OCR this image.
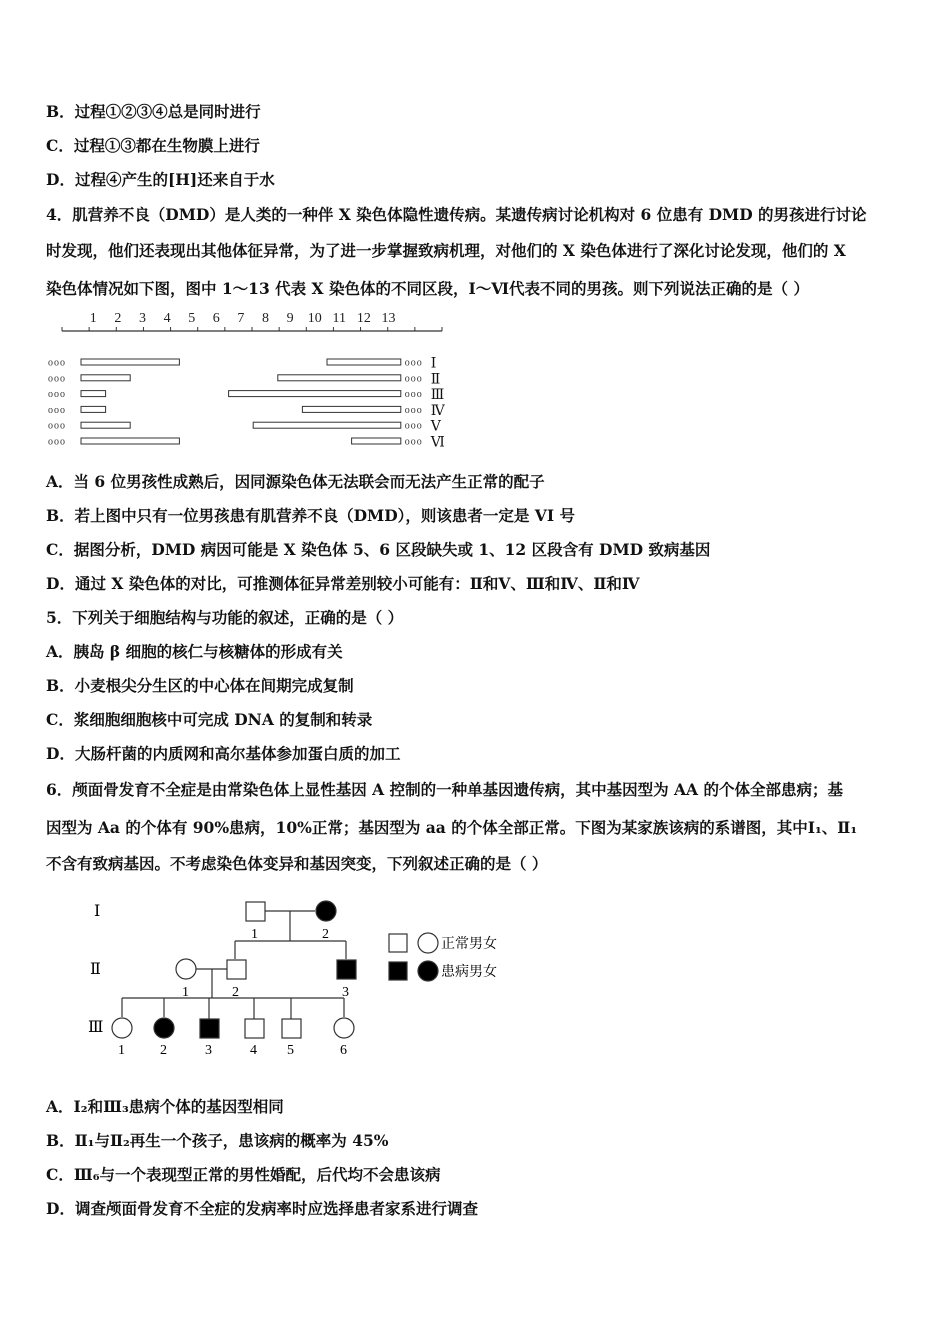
B．过程①②③④总是同时进行
C．过程①③都在生物膜上进行
D．过程④产生的[H]还来自于水
4．肌营养不良（DMD）是人类的一种伴 X 染色体隐性遗传病。某遗传病讨论机构对 6 位患有 DMD 的男孩进行讨论
时发现，他们还表现出其他体征异常，为了进一步掌握致病机理，对他们的 X 染色体进行了深化讨论发现，他们的 X
染色体情况如下图，图中 1～13 代表 X 染色体的不同区段，Ⅰ～Ⅵ代表不同的男孩。则下列说法正确的是（ ）
1 2 3 4 5 6 7 8 9 10 11 12 13
ooo	ooo Ⅰ
ooo	ooo Ⅱ
ooo	ooo Ⅲ
ooo	ooo Ⅳ
ooo	ooo Ⅴ
ooo	ooo Ⅵ
A．当 6 位男孩性成熟后，因同源染色体无法联会而无法产生正常的配子
B．若上图中只有一位男孩患有肌营养不良（DMD），则该患者一定是 VI 号
C．据图分析，DMD 病因可能是 X 染色体 5、6 区段缺失或 1、12 区段含有 DMD 致病基因
D．通过 X 染色体的对比，可推测体征异常差别较小可能有：Ⅱ和Ⅴ、Ⅲ和Ⅳ、Ⅱ和Ⅳ
5．下列关于细胞结构与功能的叙述，正确的是（ ）
A．胰岛 β 细胞的核仁与核糖体的形成有关
B．小麦根尖分生区的中心体在间期完成复制
C．浆细胞细胞核中可完成 DNA 的复制和转录
D．大肠杆菌的内质网和高尔基体参加蛋白质的加工
6．颅面骨发育不全症是由常染色体上显性基因 A 控制的一种单基因遗传病，其中基因型为 AA 的个体全部患病；基
因型为 Aa 的个体有 90%患病，10%正常；基因型为 aa 的个体全部正常。下图为某家族该病的系谱图，其中Ⅰ₁、Ⅱ₁
不含有致病基因。不考虑染色体变异和基因突变，下列叙述正确的是（ ）
Ⅰ
Ⅱ
Ⅲ
1	2
1	2	3
1	2	3	4 5	6
正常男女
患病男女
A．Ⅰ₂和Ⅲ₃患病个体的基因型相同
B．Ⅱ₁与Ⅱ₂再生一个孩子，患该病的概率为 45%
C．Ⅲ₆与一个表现型正常的男性婚配，后代均不会患该病
D．调查颅面骨发育不全症的发病率时应选择患者家系进行调查
